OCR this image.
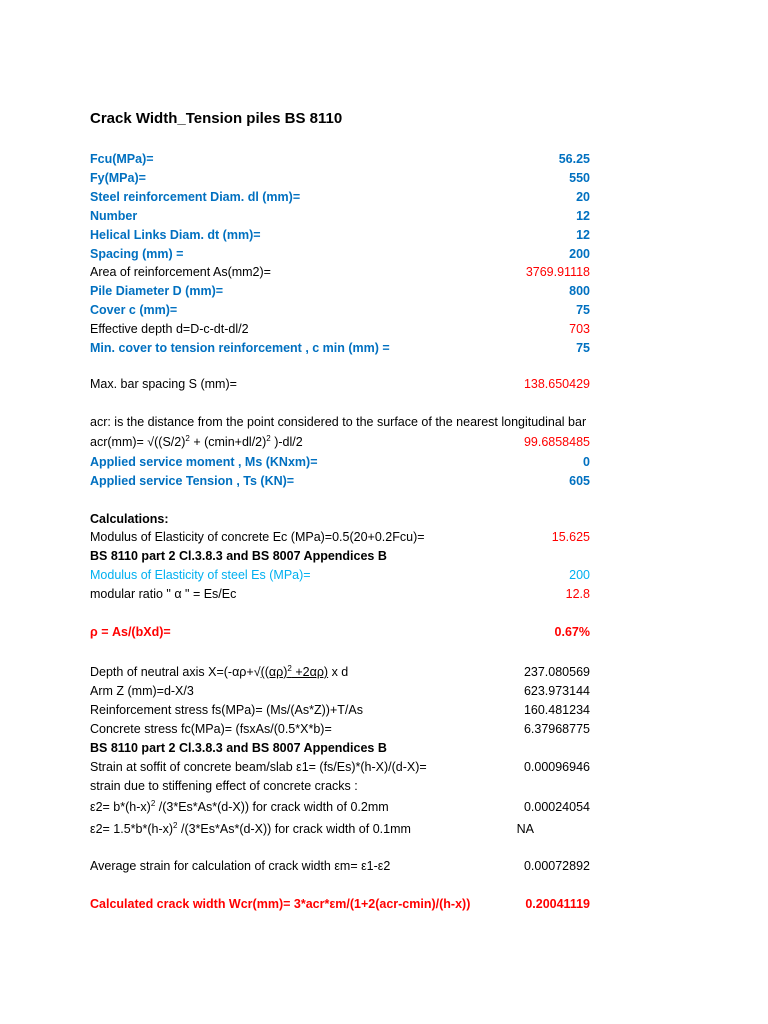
Crack Width_Tension piles BS 8110
Fcu(MPa)=	56.25
Fy(MPa)=	550
Steel reinforcement Diam. dl (mm)=	20
Number	12
Helical Links Diam. dt (mm)=	12
Spacing (mm) =	200
Area of reinforcement As(mm2)=	3769.91118
Pile Diameter D (mm)=	800
Cover c (mm)=	75
Effective depth d=D-c-dt-dl/2	703
Min. cover to tension reinforcement , c min (mm) =	75
Max. bar spacing S (mm)=	138.650429
acr: is the distance from the point considered to the surface of the nearest longitudinal bar
$acr(mm)= √((S/2)^2 + (cmin+dl/2)^2$ )-dl/2	99.6858485
Applied service moment , Ms (KNxm)=	0
Applied service Tension , Ts (KN)=	605
Calculations:
Modulus of Elasticity of concrete Ec (MPa)=0.5(20+0.2Fcu)=	15.625
BS 8110 part 2 Cl.3.8.3 and BS 8007 Appendices B
Modulus of Elasticity of steel Es (MPa)=	200
modular ratio " α " = Es/Ec	12.8
ρ = As/(bXd)=	0.67%
Depth of neutral axis $X=(-\alpha\rho+√((\alpha\rho)^2 +2\alpha\rho)$ x d	237.080569
Arm Z (mm)=d-X/3	623.973144
Reinforcement stress fs(MPa)= (Ms/(As*Z))+T/As	160.481234
Concrete stress fc(MPa)= (fsxAs/(0.5*X*b)=	6.37968775
BS 8110 part 2 Cl.3.8.3 and BS 8007 Appendices B
Strain at soffit of concrete beam/slab ε1= (fs/Es)*(h-X)/(d-X)=	0.00096946
strain due to stiffening effect of concrete cracks :
$\varepsilon 2= b*(h-x)^2$ /(3*Es*As*(d-X)) for crack width of 0.2mm	0.00024054
$\varepsilon 2= 1.5*b*(h-x)^2$ /(3*Es*As*(d-X)) for crack width of 0.1mm	NA
Average strain for calculation of crack width εm= ε1-ε2	0.00072892
Calculated crack width Wcr(mm)= 3*acr*εm/(1+2(acr-cmin)/(h-x))	0.20041119
